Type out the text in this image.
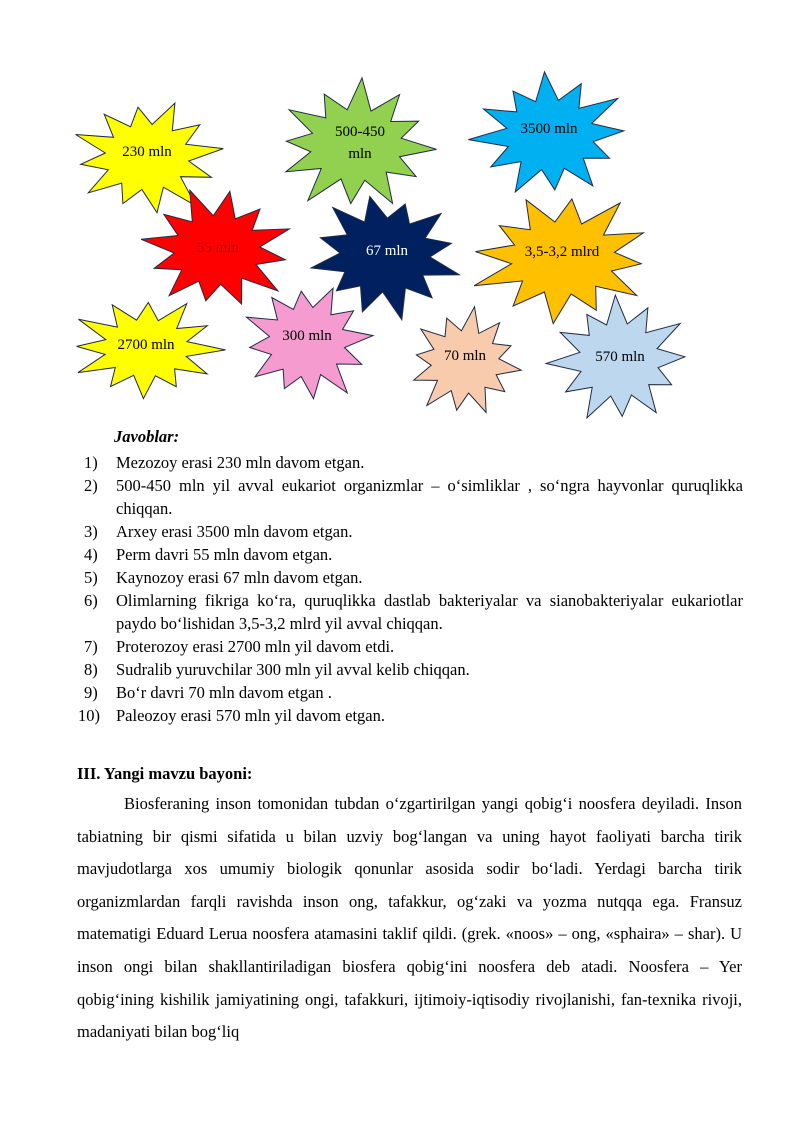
230 mln
500-450 mln
3500 mln
55 mln	67 mln	3,5-3,2 mlrd
2700 mln
300 mln
70 mln	570 mln

Javoblar:

1) Mezozoy erasi 230 mln davom etgan.
2) 500-450 mln yil avval eukariot organizmlar – oʻsimliklar , soʻngra hayvonlar quruqlikka chiqqan.
3) Arxey erasi 3500 mln davom etgan.
4) Perm davri 55 mln davom etgan.
5) Kaynozoy erasi 67 mln davom etgan.
6) Olimlarning fikriga koʻra, quruqlikka dastlab bakteriyalar va sianobakteriyalar eukariotlar paydo boʻlishidan 3,5-3,2 mlrd yil avval chiqqan.
7) Proterozoy erasi 2700 mln yil davom etdi.
8) Sudralib yuruvchilar 300 mln yil avval kelib chiqqan.
9) Boʻr davri 70 mln davom etgan .
10) Paleozoy erasi 570 mln yil davom etgan.

III. Yangi mavzu bayoni:

Biosferaning inson tomonidan tubdan oʻzgartirilgan yangi qobigʻi noosfera deyiladi. Inson tabiatning bir qismi sifatida u bilan uzviy bogʻlangan va uning hayot faoliyati barcha tirik mavjudotlarga xos umumiy biologik qonunlar asosida sodir boʻladi. Yerdagi barcha tirik organizmlardan farqli ravishda inson ong, tafakkur, ogʻzaki va yozma nutqqa ega. Fransuz matematigi Eduard Lerua noosfera atamasini taklif qildi. (grek. «noos» – ong, «sphaira» – shar). U inson ongi bilan shakllantiriladigan biosfera qobigʻini noosfera deb atadi. Noosfera – Yer qobigʻining kishilik jamiyatining ongi, tafakkuri, ijtimoiy-iqtisodiy rivojlanishi, fan-texnika rivoji, madaniyati bilan bogʻliq
